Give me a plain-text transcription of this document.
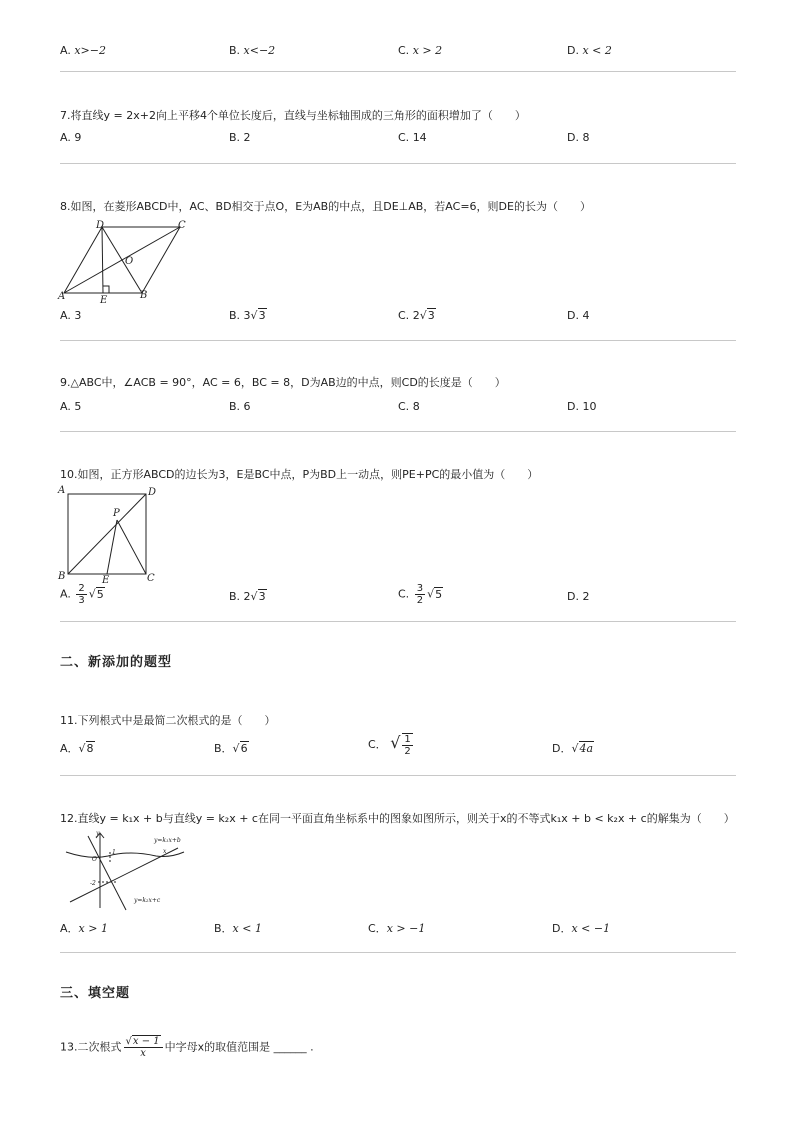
A. x>−2	B. x<−2	C. x > 2	D. x < 2
7.将直线y = 2x+2向上平移4个单位长度后，直线与坐标轴围成的三角形的面积增加了（　　）
A. 9	B. 2	C. 14	D. 8
8.如图，在菱形ABCD中，AC、BD相交于点O，E为AB的中点，且DE⊥AB，若AC=6，则DE的长为（　　）
A	B
C
D
E
O
A. 3	B. 3√3	C. 2√3	D. 4
9.△ABC中，∠ACB = 90°，AC = 6，BC = 8，D为AB边的中点，则CD的长度是（　　）
A. 5	B. 6	C. 8	D. 10
10.如图，正方形ABCD的边长为3，E是BC中点，P为BD上一动点，则PE+PC的最小值为（　　）
A	D
B	C
E
P
A. $\frac{2}{3} √5$	B. 2√3	C. $\frac{3}{2} √5$	D. 2
二、新添加的题型
11.下列根式中是最简二次根式的是（　　）
A．√8	B．√6	C． √ $\frac{1}{2}$	D．√4a
12.直线y = k₁x + b与直线y = k₂x + c在同一平面直角坐标系中的图象如图所示，则关于x的不等式k₁x + b < k₂x + c的解集为（　　）
y
x
O
1
-2
y=k₁x+b
y=k₂x+c
A．x > 1	B．x < 1	C．x > −1	D．x < −1
三、填空题
13.二次根式 $\frac{√x - 1}{x}$ 中字母x的取值范围是 ______ .
